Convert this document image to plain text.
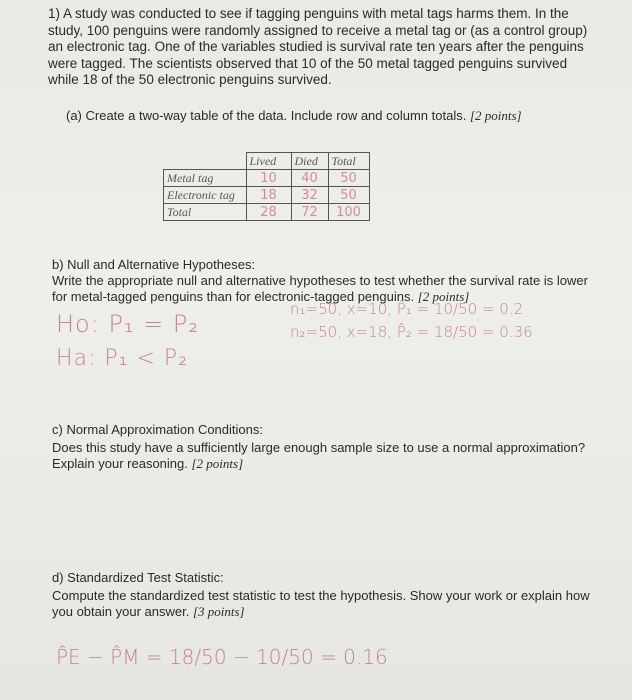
1) A study was conducted to see if tagging penguins with metal tags harms them. In the study, 100 penguins were randomly assigned to receive a metal tag or (as a control group) an electronic tag. One of the variables studied is survival rate ten years after the penguins were tagged. The scientists observed that 10 of the 50 metal tagged penguins survived while 18 of the 50 electronic penguins survived.

(a) Create a two-way table of the data. Include row and column totals. [2 points]

	Lived	Died	Total
Metal tag	10	40	50
Electronic tag	18	32	50
Total	28	72	100

b) Null and Alternative Hypotheses:

Write the appropriate null and alternative hypotheses to test whether the survival rate is lower for metal-tagged penguins than for electronic-tagged penguins. [2 points]

Ho: P₁ = P₂
Ha: P₁ < P₂
n₁=50, x=10, P̂₁ = 10/50 = 0.2
n₂=50, x=18, P̂₂ = 18/50 = 0.36

c) Normal Approximation Conditions:

Does this study have a sufficiently large enough sample size to use a normal approximation? Explain your reasoning. [2 points]

d) Standardized Test Statistic:

Compute the standardized test statistic to test the hypothesis. Show your work or explain how you obtain your answer. [3 points]

P̂E − P̂M = 18/50 − 10/50 = 0.16
